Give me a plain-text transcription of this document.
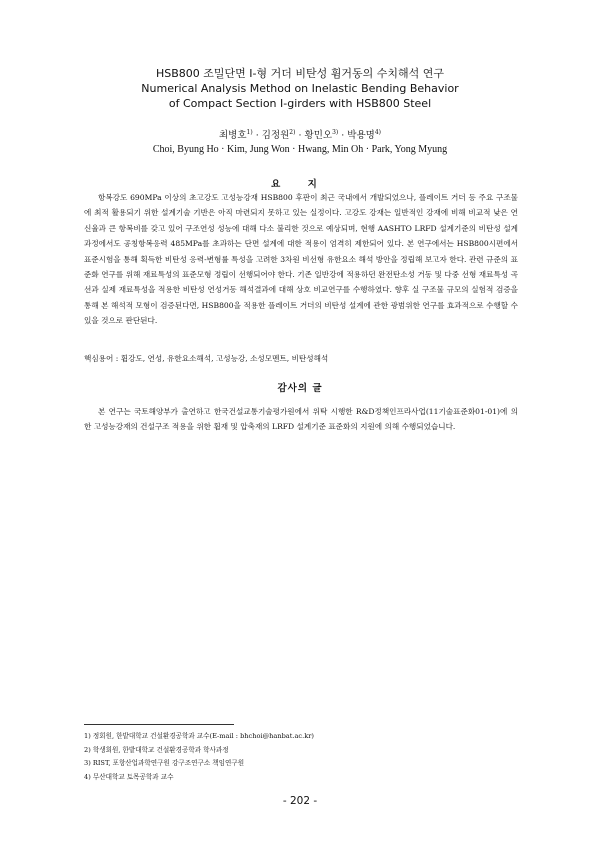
HSB800 조밀단면 I-형 거더 비탄성 휨거동의 수치해석 연구
Numerical Analysis Method on Inelastic Bending Behavior
of Compact Section I-girders with HSB800 Steel
최병호$^{1)}$ · 김정원$^{2)}$ · 황민오$^{3)}$ · 박용명$^{4)}$
Choi, Byung Ho · Kim, Jung Won · Hwang, Min Oh · Park, Yong Myung
요 지

항복강도 690MPa 이상의 초고강도 고성능강재 HSB800 후판이 최근 국내에서 개발되었으나, 플레이트 거더 등 주요 구조물에 최적 활용되기 위한 설계기술 기반은 아직 마련되지 못하고 있는 실정이다. 고강도 강재는 일반적인 강재에 비해 비교적 낮은 연신율과 큰 항복비를 갖고 있어 구조연성 성능에 대해 다소 불리한 것으로 예상되며, 현행 AASHTO LRFD 설계기준의 비탄성 설계과정에서도 공칭항복응력 485MPa를 초과하는 단면 설계에 대한 적용이 엄격히 제한되어 있다. 본 연구에서는 HSB800시편에서 표준시험을 통해 획득한 비탄성 응력-변형률 특성을 고려한 3차원 비선형 유한요소 해석 방안을 정립해 보고자 한다. 관련 규준의 표준화 연구를 위해 재료특성의 표준모형 정립이 선행되어야 한다. 기존 일반강에 적용하던 완전탄소성 거동 및 다중 선형 재료특성 곡선과 실제 재료특성을 적용한 비탄성 연성거동 해석결과에 대해 상호 비교연구를 수행하였다. 향후 실 구조물 규모의 실험적 검증을 통해 본 해석적 모형이 검증된다면, HSB800을 적용한 플레이트 거더의 비탄성 설계에 관한 광범위한 연구를 효과적으로 수행할 수 있을 것으로 판단된다.

핵심용어 : 휨강도, 연성, 유한요소해석, 고성능강, 소성모멘트, 비탄성해석

감사의 글

본 연구는 국토해양부가 출연하고 한국건설교통기술평가원에서 위탁 시행한 R&D정책인프라사업(11기술표준화01-01)에 의한 고성능강재의 건설구조 적용을 위한 휨재 및 압축재의 LRFD 설계기준 표준화의 지원에 의해 수행되었습니다.

1) 정회원, 한밭대학교 건설환경공학과 교수(E-mail : bhchoi@hanbat.ac.kr)
2) 학생회원, 한밭대학교 건설환경공학과 학사과정
3) RIST, 포항산업과학연구원 강구조연구소 책임연구원
4) 무산대학교 토목공학과 교수
- 202 -
